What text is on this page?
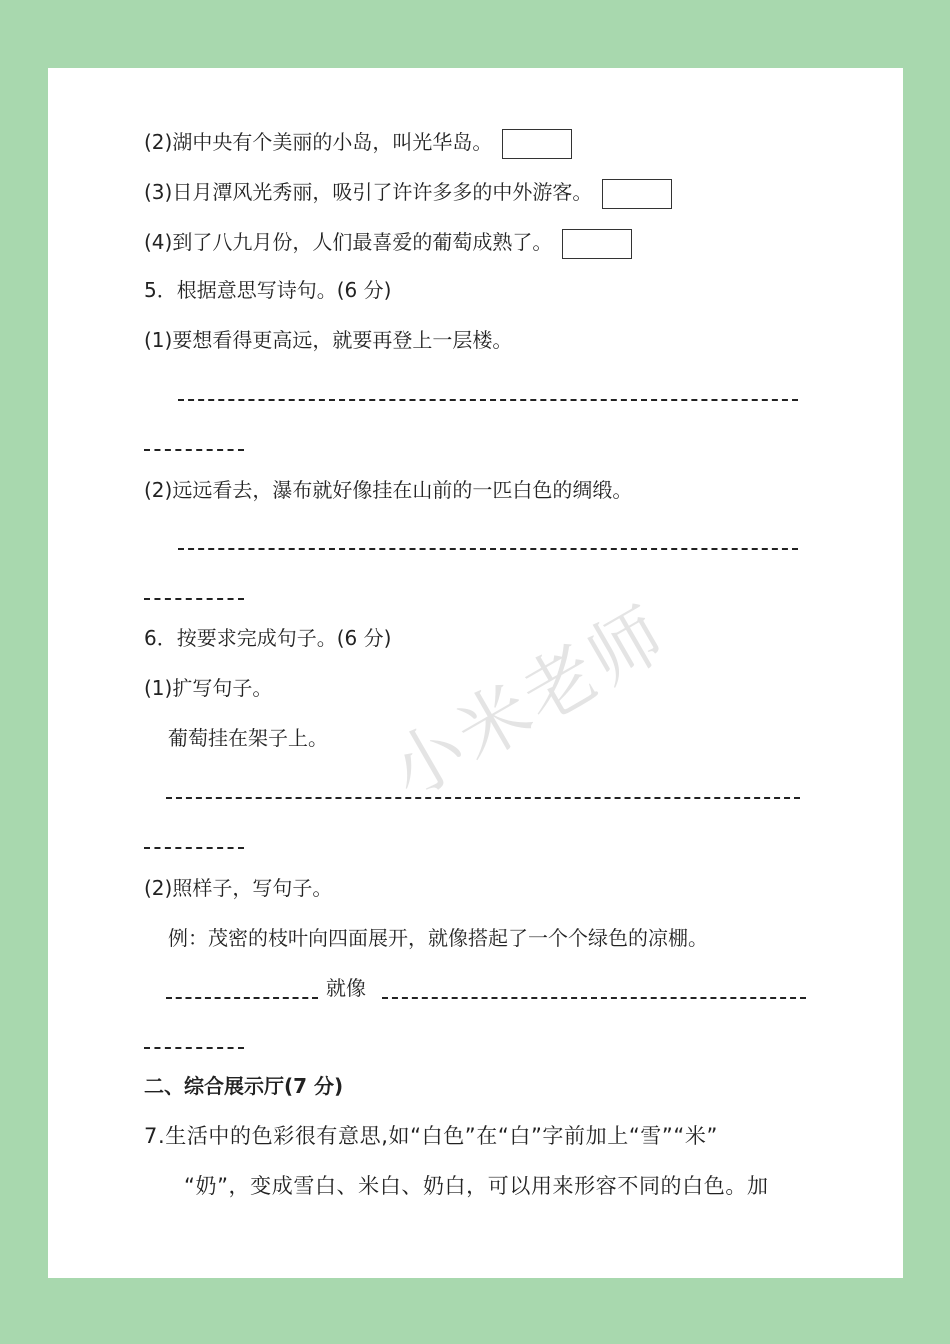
(2)湖中央有个美丽的小岛，叫光华岛。
(3)日月潭风光秀丽，吸引了许许多多的中外游客。
(4)到了八九月份，人们最喜爱的葡萄成熟了。
5．根据意思写诗句。(6 分)
(1)要想看得更高远，就要再登上一层楼。
(2)远远看去，瀑布就好像挂在山前的一匹白色的绸缎。
6．按要求完成句子。(6 分)
(1)扩写句子。
葡萄挂在架子上。
(2)照样子，写句子。
例：茂密的枝叶向四面展开，就像搭起了一个个绿色的凉棚。
就像
二、综合展示厅(7 分)
7.生活中的色彩很有意思,如“白色”在“白”字前加上“雪”“米”
“奶”，变成雪白、米白、奶白，可以用来形容不同的白色。加
小米老师
